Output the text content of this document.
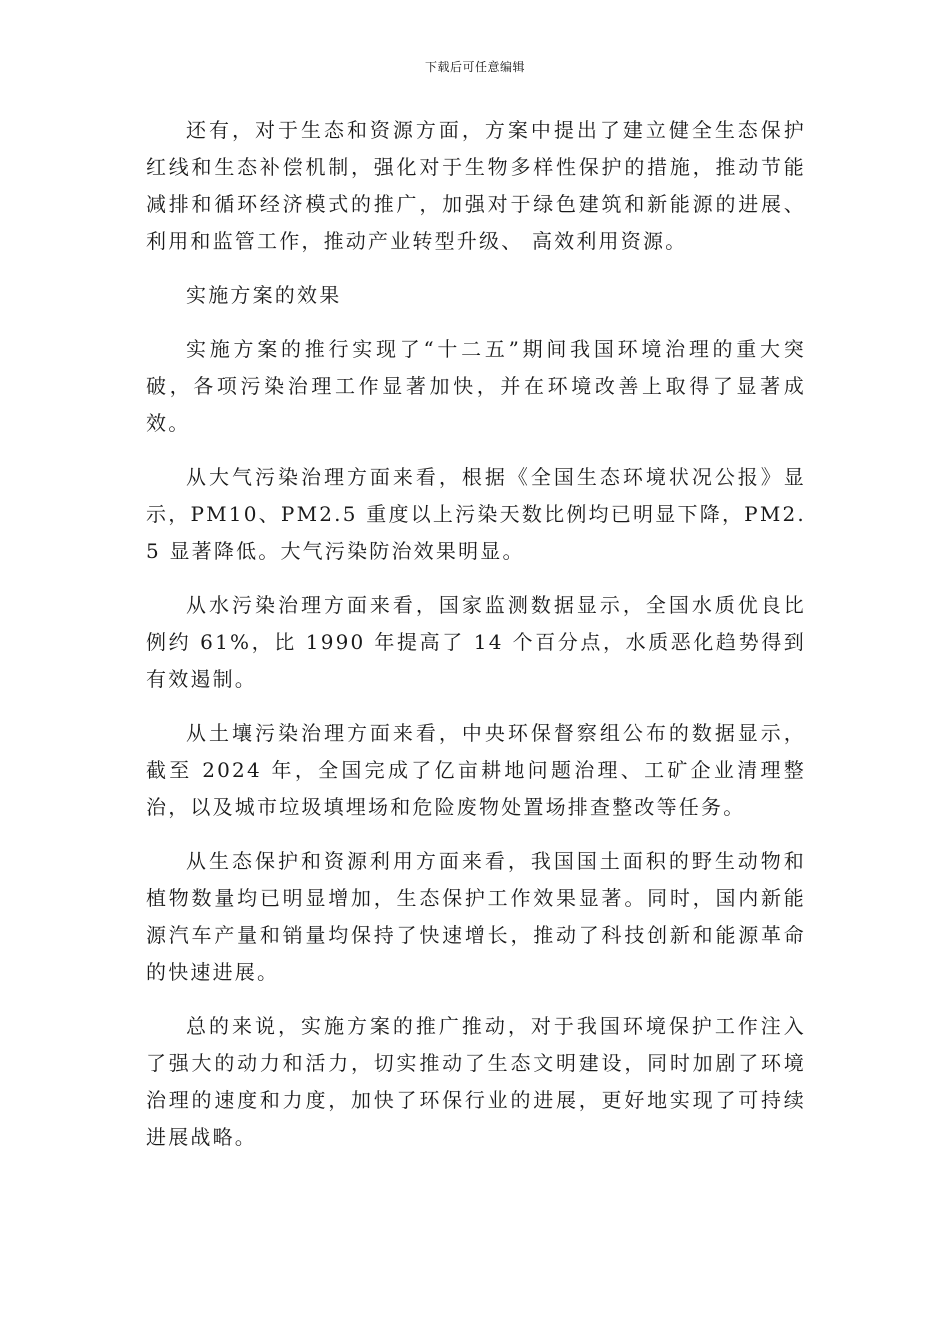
下载后可任意编辑

还有，对于生态和资源方面，方案中提出了建立健全生态保护红线和生态补偿机制，强化对于生物多样性保护的措施，推动节能减排和循环经济模式的推广，加强对于绿色建筑和新能源的进展、利用和监管工作，推动产业转型升级、 高效利用资源。

实施方案的效果

实施方案的推行实现了“十二五”期间我国环境治理的重大突破，各项污染治理工作显著加快，并在环境改善上取得了显著成效。

从大气污染治理方面来看，根据《全国生态环境状况公报》显示，PM10、PM2.5 重度以上污染天数比例均已明显下降，PM2.5 显著降低。大气污染防治效果明显。

从水污染治理方面来看，国家监测数据显示，全国水质优良比例约 61%，比 1990 年提高了 14 个百分点，水质恶化趋势得到有效遏制。

从土壤污染治理方面来看，中央环保督察组公布的数据显示，截至 2024 年，全国完成了亿亩耕地问题治理、工矿企业清理整治，以及城市垃圾填埋场和危险废物处置场排查整改等任务。

从生态保护和资源利用方面来看，我国国土面积的野生动物和植物数量均已明显增加，生态保护工作效果显著。同时，国内新能源汽车产量和销量均保持了快速增长，推动了科技创新和能源革命的快速进展。

总的来说，实施方案的推广推动，对于我国环境保护工作注入了强大的动力和活力，切实推动了生态文明建设，同时加剧了环境治理的速度和力度，加快了环保行业的进展，更好地实现了可持续进展战略。
